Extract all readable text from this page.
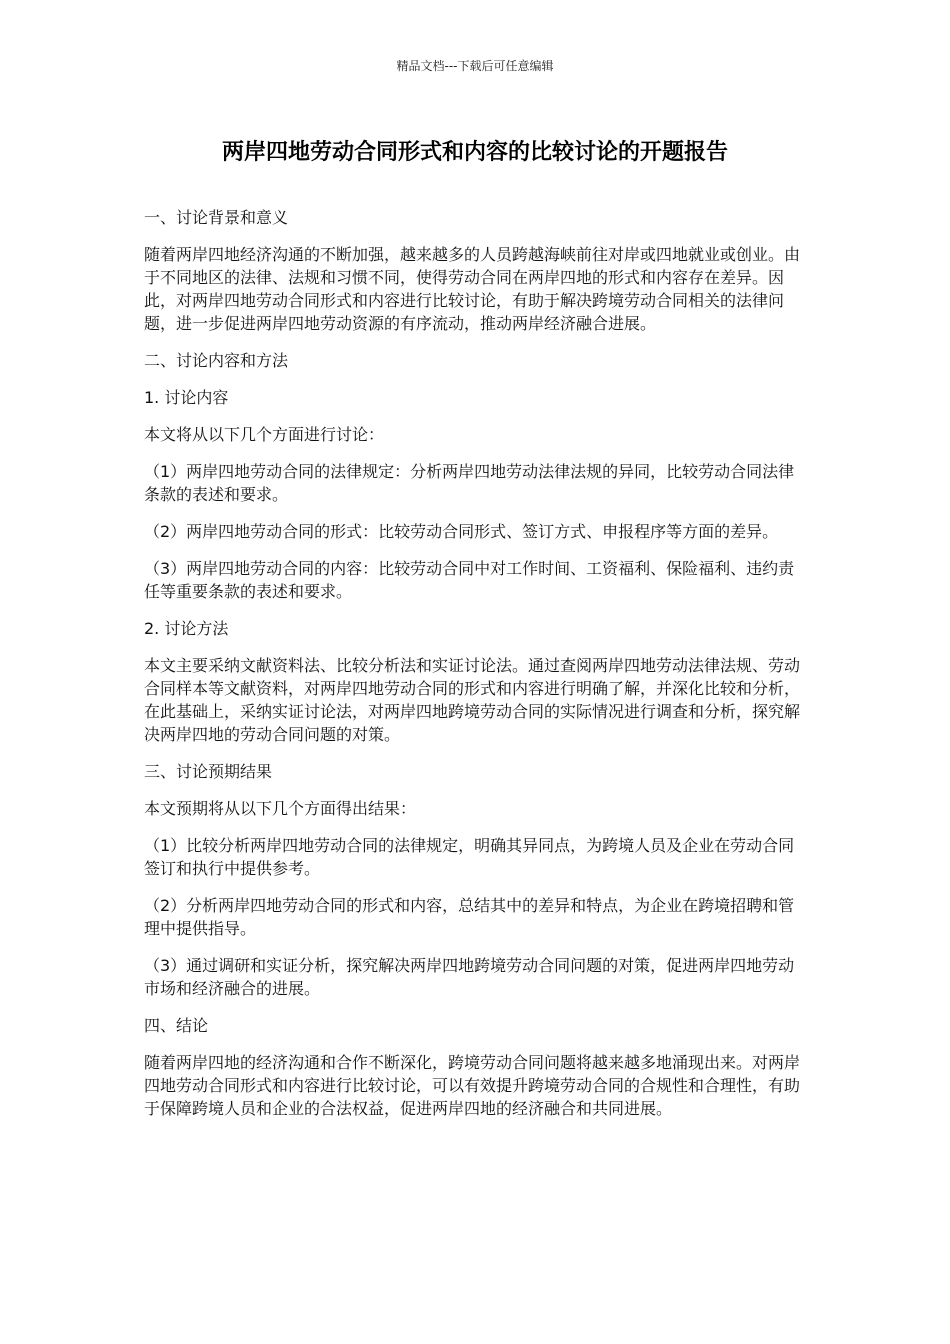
精品文档---下载后可任意编辑
两岸四地劳动合同形式和内容的比较讨论的开题报告

一、讨论背景和意义

随着两岸四地经济沟通的不断加强，越来越多的人员跨越海峡前往对岸或四地就业或创业。由于不同地区的法律、法规和习惯不同，使得劳动合同在两岸四地的形式和内容存在差异。因此，对两岸四地劳动合同形式和内容进行比较讨论，有助于解决跨境劳动合同相关的法律问题，进一步促进两岸四地劳动资源的有序流动，推动两岸经济融合进展。

二、讨论内容和方法

1. 讨论内容

本文将从以下几个方面进行讨论：

（1）两岸四地劳动合同的法律规定：分析两岸四地劳动法律法规的异同，比较劳动合同法律条款的表述和要求。

（2）两岸四地劳动合同的形式：比较劳动合同形式、签订方式、申报程序等方面的差异。

（3）两岸四地劳动合同的内容：比较劳动合同中对工作时间、工资福利、保险福利、违约责任等重要条款的表述和要求。

2. 讨论方法

本文主要采纳文献资料法、比较分析法和实证讨论法。通过查阅两岸四地劳动法律法规、劳动合同样本等文献资料，对两岸四地劳动合同的形式和内容进行明确了解，并深化比较和分析，在此基础上，采纳实证讨论法，对两岸四地跨境劳动合同的实际情况进行调查和分析，探究解决两岸四地的劳动合同问题的对策。

三、讨论预期结果

本文预期将从以下几个方面得出结果：

（1）比较分析两岸四地劳动合同的法律规定，明确其异同点，为跨境人员及企业在劳动合同签订和执行中提供参考。

（2）分析两岸四地劳动合同的形式和内容，总结其中的差异和特点，为企业在跨境招聘和管理中提供指导。

（3）通过调研和实证分析，探究解决两岸四地跨境劳动合同问题的对策，促进两岸四地劳动市场和经济融合的进展。

四、结论

随着两岸四地的经济沟通和合作不断深化，跨境劳动合同问题将越来越多地涌现出来。对两岸四地劳动合同形式和内容进行比较讨论，可以有效提升跨境劳动合同的合规性和合理性，有助于保障跨境人员和企业的合法权益，促进两岸四地的经济融合和共同进展。
